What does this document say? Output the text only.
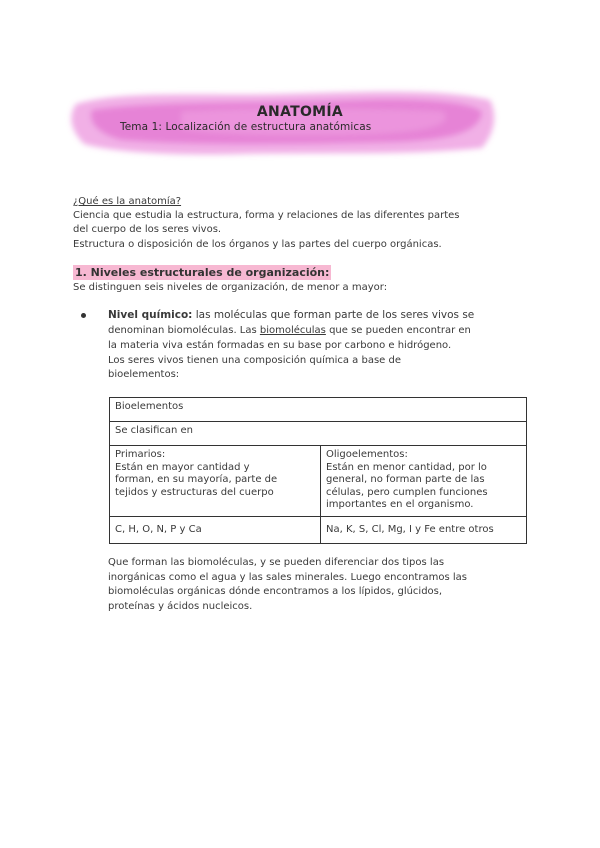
ANATOMÍA
Tema 1: Localización de estructura anatómicas
¿Qué es la anatomía?
Ciencia que estudia la estructura, forma y relaciones de las diferentes partes
del cuerpo de los seres vivos.
Estructura o disposición de los órganos y las partes del cuerpo orgánicas.
1. Niveles estructurales de organización:
Se distinguen seis niveles de organización, de menor a mayor:
Nivel químico: las moléculas que forman parte de los seres vivos se
denominan biomoléculas. Las biomoléculas que se pueden encontrar en
la materia viva están formadas en su base por carbono e hidrógeno.
Los seres vivos tienen una composición química a base de
bioelementos:
Bioelementos	
Se clasifican en	

Primarios:
Están en mayor cantidad y
forman, en su mayoría, parte de
tejidos y estructuras del cuerpo	Oligoelementos:
Están en menor cantidad, por lo
general, no forman parte de las
células, pero cumplen funciones
importantes en el organismo.

C, H, O, N, P y Ca	Na, K, S, Cl, Mg, I y Fe entre otros
Que forman las biomoléculas, y se pueden diferenciar dos tipos las
inorgánicas como el agua y las sales minerales. Luego encontramos las
biomoléculas orgánicas dónde encontramos a los lípidos, glúcidos,
proteínas y ácidos nucleicos.
